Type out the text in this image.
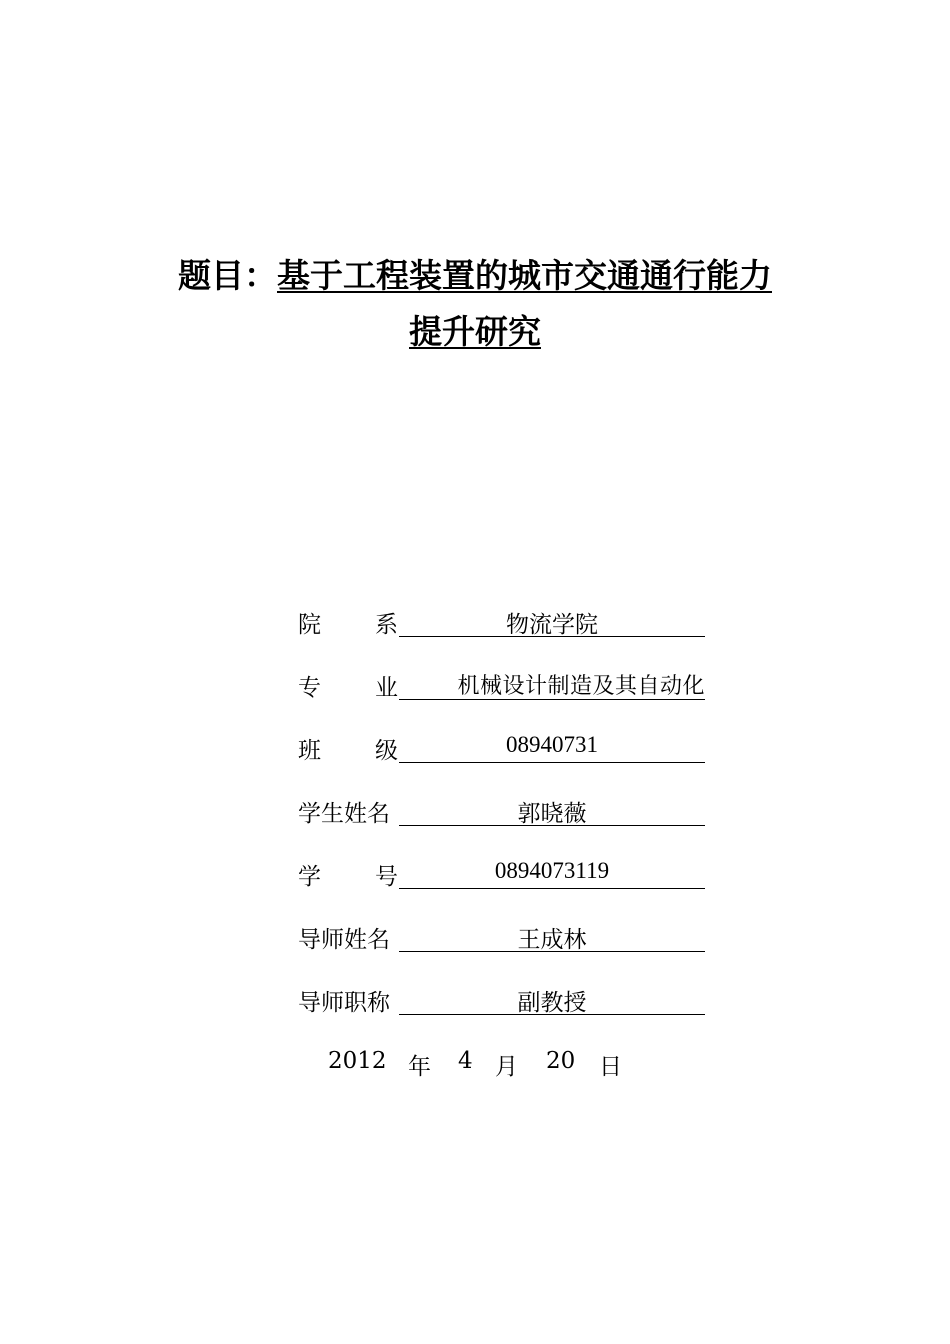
题目：基于工程装置的城市交通通行能力
提升研究
院 系	物流学院
专 业	机械设计制造及其自动化
班 级	08940731
学生姓名	郭晓薇
学 号	0894073119
导师姓名	王成林
导师职称	副教授
2012 年 4 月 20 日
